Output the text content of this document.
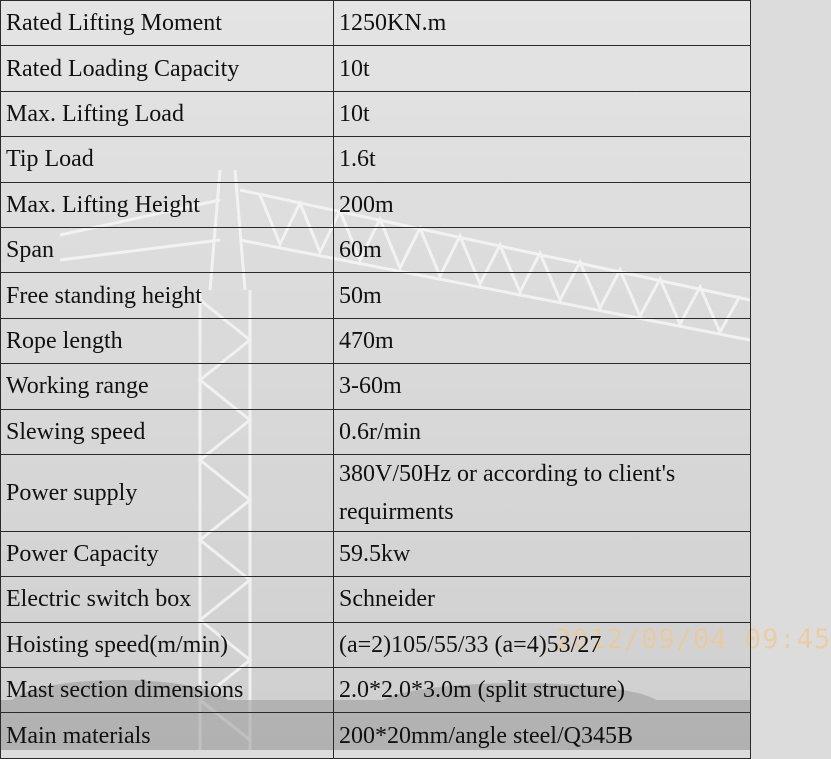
2012/09/04 09:45
Rated Lifting Moment	1250KN.m
Rated Loading Capacity	10t
Max. Lifting Load	10t
Tip Load	1.6t
Max. Lifting Height	200m
Span	60m
Free standing height	50m
Rope length	470m
Working range	3-60m
Slewing speed	0.6r/min
Power supply	380V/50Hz or according to client's requirments
Power Capacity	59.5kw
Electric switch box	Schneider
Hoisting speed(m/min)	(a=2)105/55/33 (a=4)53/27
Mast section dimensions	2.0*2.0*3.0m (split structure)
Main materials	200*20mm/angle steel/Q345B
